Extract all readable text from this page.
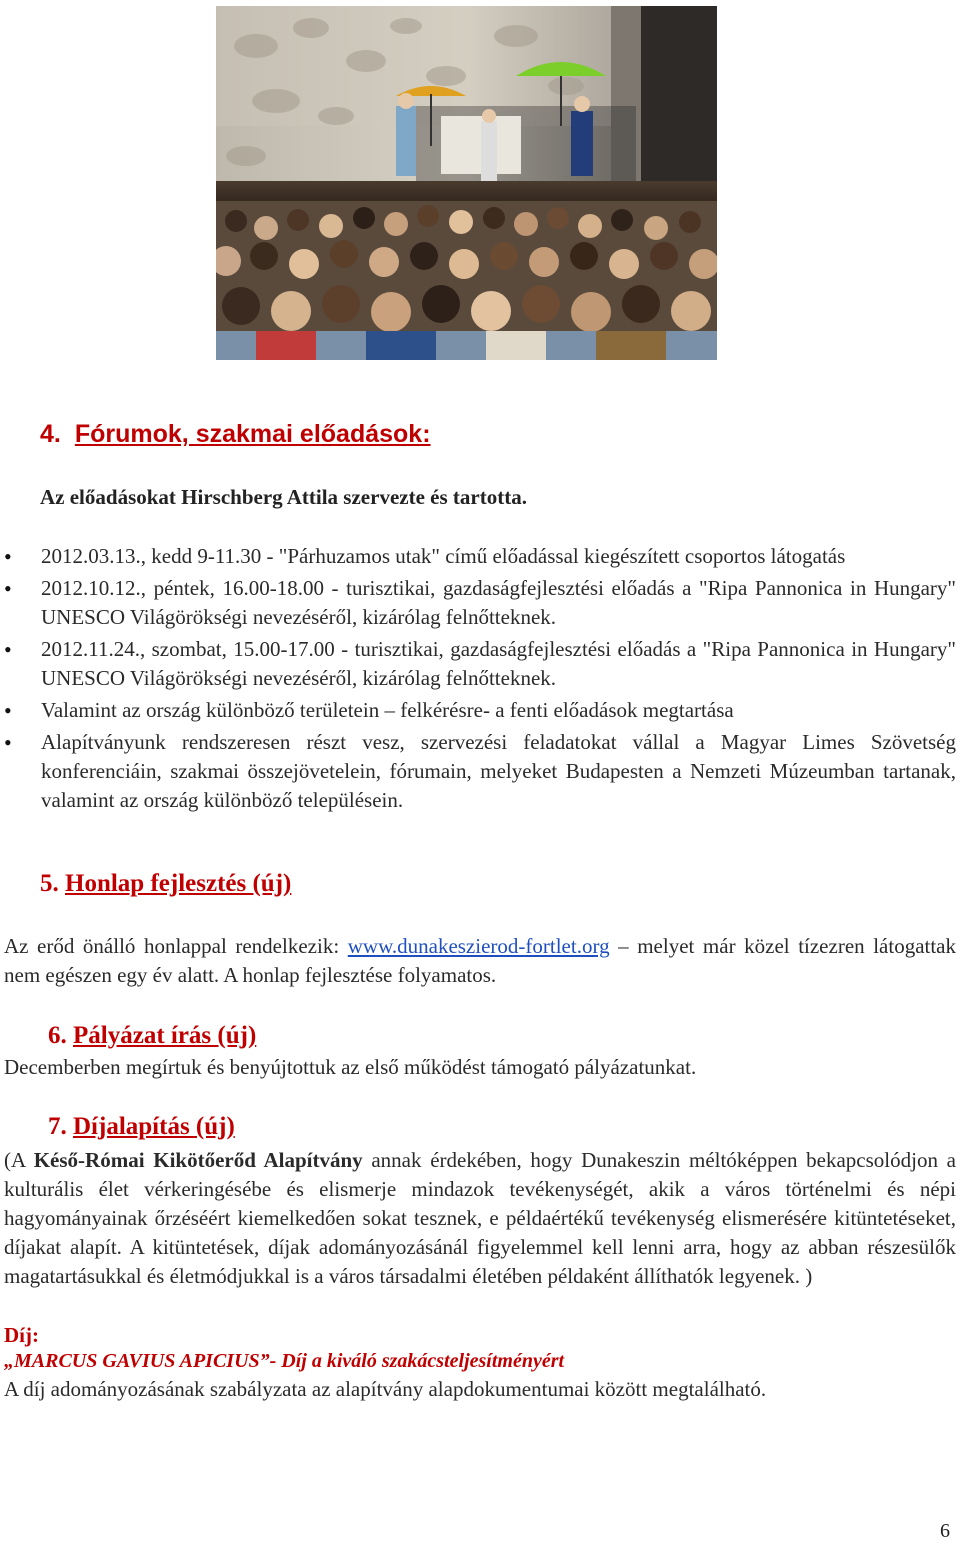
4. Fórumok, szakmai előadások:
Az előadásokat Hirschberg Attila szervezte és tartotta.
• 2012.03.13., kedd 9-11.30 - "Párhuzamos utak" című előadással kiegészített csoportos látogatás
• 2012.10.12., péntek, 16.00-18.00 - turisztikai, gazdaságfejlesztési előadás a "Ripa Pannonica in Hungary" UNESCO Világörökségi nevezéséről, kizárólag felnőtteknek.
• 2012.11.24., szombat, 15.00-17.00 - turisztikai, gazdaságfejlesztési előadás a "Ripa Pannonica in Hungary" UNESCO Világörökségi nevezéséről, kizárólag felnőtteknek.
• Valamint az ország különböző területein – felkérésre- a fenti előadások megtartása
• Alapítványunk rendszeresen részt vesz, szervezési feladatokat vállal a Magyar Limes Szövetség konferenciáin, szakmai összejövetelein, fórumain, melyeket Budapesten a Nemzeti Múzeumban tartanak, valamint az ország különböző településein.
5. Honlap fejlesztés (új)
Az erőd önálló honlappal rendelkezik: www.dunakeszierod-fortlet.org – melyet már közel tízezren látogattak nem egészen egy év alatt. A honlap fejlesztése folyamatos.
6. Pályázat írás (új)
Decemberben megírtuk és benyújtottuk az első működést támogató pályázatunkat.
7. Díjalapítás (új)
(A Késő-Római Kikötőerőd Alapítvány annak érdekében, hogy Dunakeszin méltóképpen bekapcsolódjon a kulturális élet vérkeringésébe és elismerje mindazok tevékenységét, akik a város történelmi és népi hagyományainak őrzéséért kiemelkedően sokat tesznek, e példaértékű tevékenység elismerésére kitüntetéseket, díjakat alapít. A kitüntetések, díjak adományozásánál figyelemmel kell lenni arra, hogy az abban részesülők magatartásukkal és életmódjukkal is a város társadalmi életében példaként állíthatók legyenek. )
Díj:
„MARCUS GAVIUS APICIUS”- Díj a kiváló szakácsteljesítményért
A díj adományozásának szabályzata az alapítvány alapdokumentumai között megtalálható.
6
